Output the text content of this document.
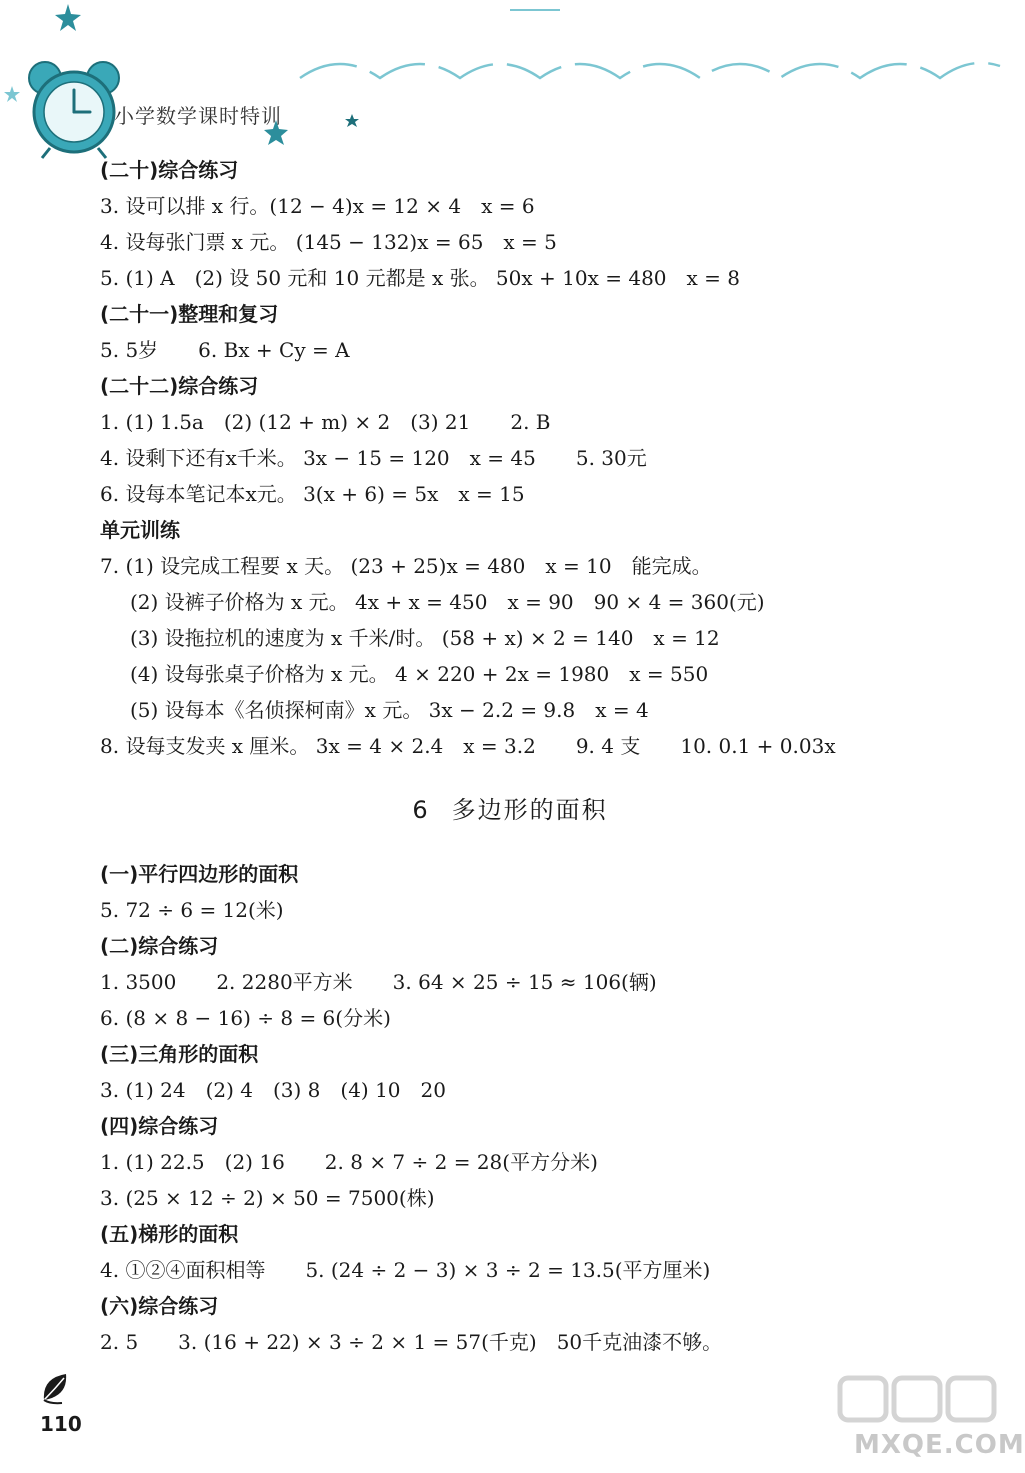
小学数学课时特训
(二十)综合练习
3. 设可以排 x 行。(12 − 4)x = 12 × 4　x = 6
4. 设每张门票 x 元。 (145 − 132)x = 65　x = 5
5. (1) A　(2) 设 50 元和 10 元都是 x 张。 50x + 10x = 480　x = 8
(二十一)整理和复习
5. 5岁　　6. Bx + Cy = A
(二十二)综合练习
1. (1) 1.5a　(2) (12 + m) × 2　(3) 21　　2. B
4. 设剩下还有x千米。 3x − 15 = 120　x = 45　　5. 30元
6. 设每本笔记本x元。 3(x + 6) = 5x　x = 15
单元训练
7. (1) 设完成工程要 x 天。 (23 + 25)x = 480　x = 10　能完成。
(2) 设裤子价格为 x 元。 4x + x = 450　x = 90　90 × 4 = 360(元)
(3) 设拖拉机的速度为 x 千米/时。 (58 + x) × 2 = 140　x = 12
(4) 设每张桌子价格为 x 元。 4 × 220 + 2x = 1980　x = 550
(5) 设每本《名侦探柯南》x 元。 3x − 2.2 = 9.8　x = 4
8. 设每支发夹 x 厘米。 3x = 4 × 2.4　x = 3.2　　9. 4 支　　10. 0.1 + 0.03x
6 多边形的面积
(一)平行四边形的面积
5. 72 ÷ 6 = 12(米)
(二)综合练习
1. 3500　　2. 2280平方米　　3. 64 × 25 ÷ 15 ≈ 106(辆)
6. (8 × 8 − 16) ÷ 8 = 6(分米)
(三)三角形的面积
3. (1) 24　(2) 4　(3) 8　(4) 10　20
(四)综合练习
1. (1) 22.5　(2) 16　　2. 8 × 7 ÷ 2 = 28(平方分米)
3. (25 × 12 ÷ 2) × 50 = 7500(株)
(五)梯形的面积
4. ①②④面积相等　　5. (24 ÷ 2 − 3) × 3 ÷ 2 = 13.5(平方厘米)
(六)综合练习
2. 5　　3. (16 + 22) × 3 ÷ 2 × 1 = 57(千克)　50千克油漆不够。
110
MXQE.COM
